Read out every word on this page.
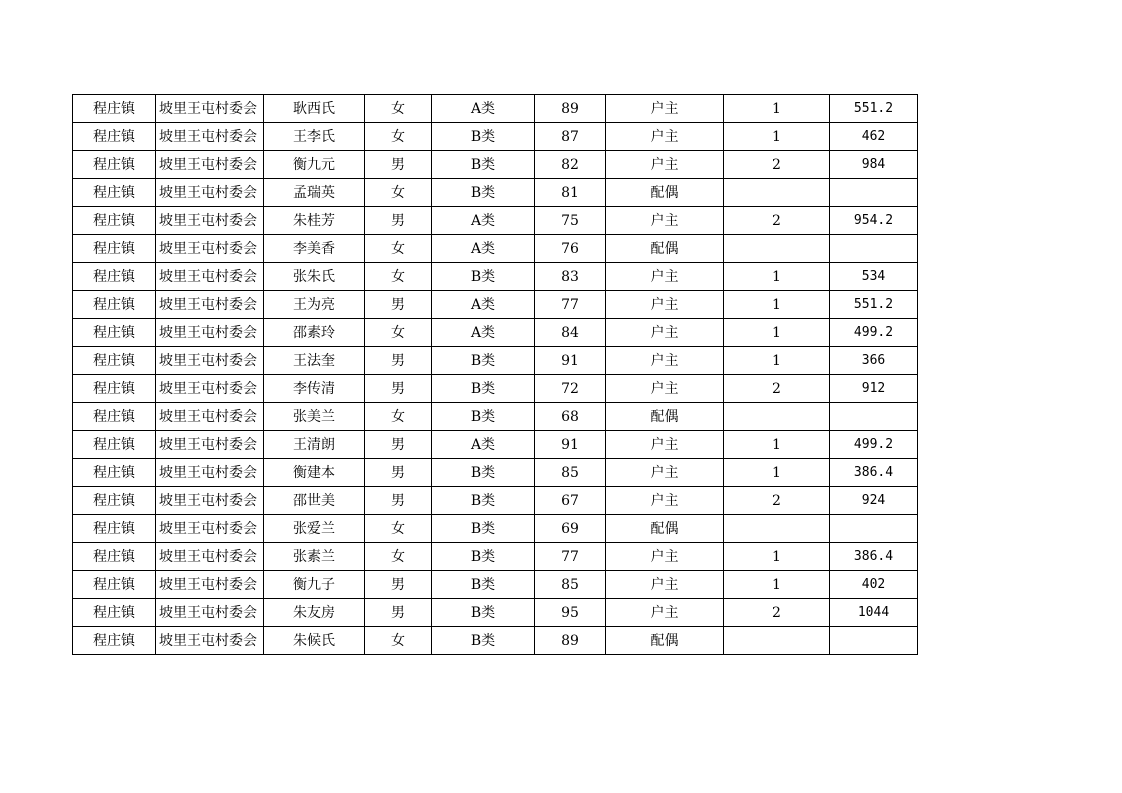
程庄镇	坡里王屯村委会	耿西氏	女	A类	89	户主	1	551.2
程庄镇	坡里王屯村委会	王李氏	女	B类	87	户主	1	462
程庄镇	坡里王屯村委会	衡九元	男	B类	82	户主	2	984
程庄镇	坡里王屯村委会	孟瑞英	女	B类	81	配偶		
程庄镇	坡里王屯村委会	朱桂芳	男	A类	75	户主	2	954.2
程庄镇	坡里王屯村委会	李美香	女	A类	76	配偶		
程庄镇	坡里王屯村委会	张朱氏	女	B类	83	户主	1	534
程庄镇	坡里王屯村委会	王为亮	男	A类	77	户主	1	551.2
程庄镇	坡里王屯村委会	邵素玲	女	A类	84	户主	1	499.2
程庄镇	坡里王屯村委会	王法奎	男	B类	91	户主	1	366
程庄镇	坡里王屯村委会	李传清	男	B类	72	户主	2	912
程庄镇	坡里王屯村委会	张美兰	女	B类	68	配偶		
程庄镇	坡里王屯村委会	王清朗	男	A类	91	户主	1	499.2
程庄镇	坡里王屯村委会	衡建本	男	B类	85	户主	1	386.4
程庄镇	坡里王屯村委会	邵世美	男	B类	67	户主	2	924
程庄镇	坡里王屯村委会	张爱兰	女	B类	69	配偶		
程庄镇	坡里王屯村委会	张素兰	女	B类	77	户主	1	386.4
程庄镇	坡里王屯村委会	衡九子	男	B类	85	户主	1	402
程庄镇	坡里王屯村委会	朱友房	男	B类	95	户主	2	1044
程庄镇	坡里王屯村委会	朱候氏	女	B类	89	配偶		
